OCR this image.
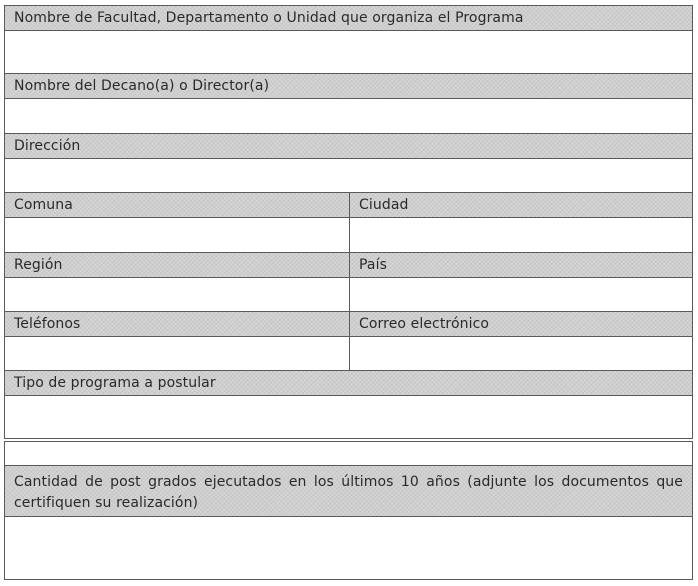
Nombre de Facultad, Departamento o Unidad que organiza el Programa
Nombre del Decano(a) o Director(a)
Dirección
Comuna	Ciudad
Región	País
Teléfonos	Correo electrónico
Tipo de programa a postular
Cantidad de post grados ejecutados en los últimos 10 años (adjunte los documentos que certifiquen su realización)
